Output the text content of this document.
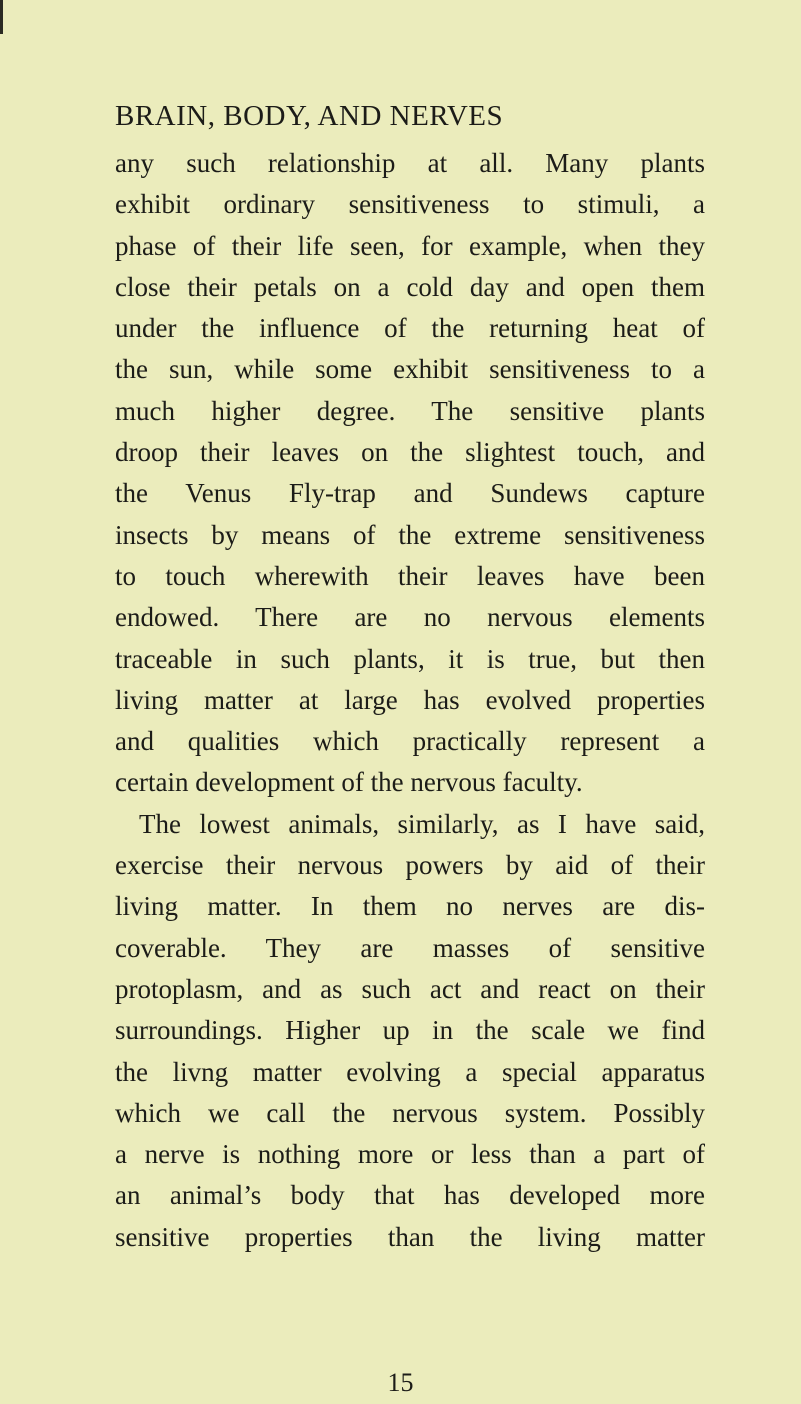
BRAIN, BODY, AND NERVES
any such relationship at all. Many plants
exhibit ordinary sensitiveness to stimuli, a
phase of their life seen, for example, when they
close their petals on a cold day and open them
under the influence of the returning heat of
the sun, while some exhibit sensitiveness to a
much higher degree. The sensitive plants
droop their leaves on the slightest touch, and
the Venus Fly-trap and Sundews capture
insects by means of the extreme sensitiveness
to touch wherewith their leaves have been
endowed. There are no nervous elements
traceable in such plants, it is true, but then
living matter at large has evolved properties
and qualities which practically represent a
certain development of the nervous faculty.
The lowest animals, similarly, as I have said,
exercise their nervous powers by aid of their
living matter. In them no nerves are dis-
coverable. They are masses of sensitive
protoplasm, and as such act and react on their
surroundings. Higher up in the scale we find
the livng matter evolving a special apparatus
which we call the nervous system. Possibly
a nerve is nothing more or less than a part of
an animal’s body that has developed more
sensitive properties than the living matter
15
